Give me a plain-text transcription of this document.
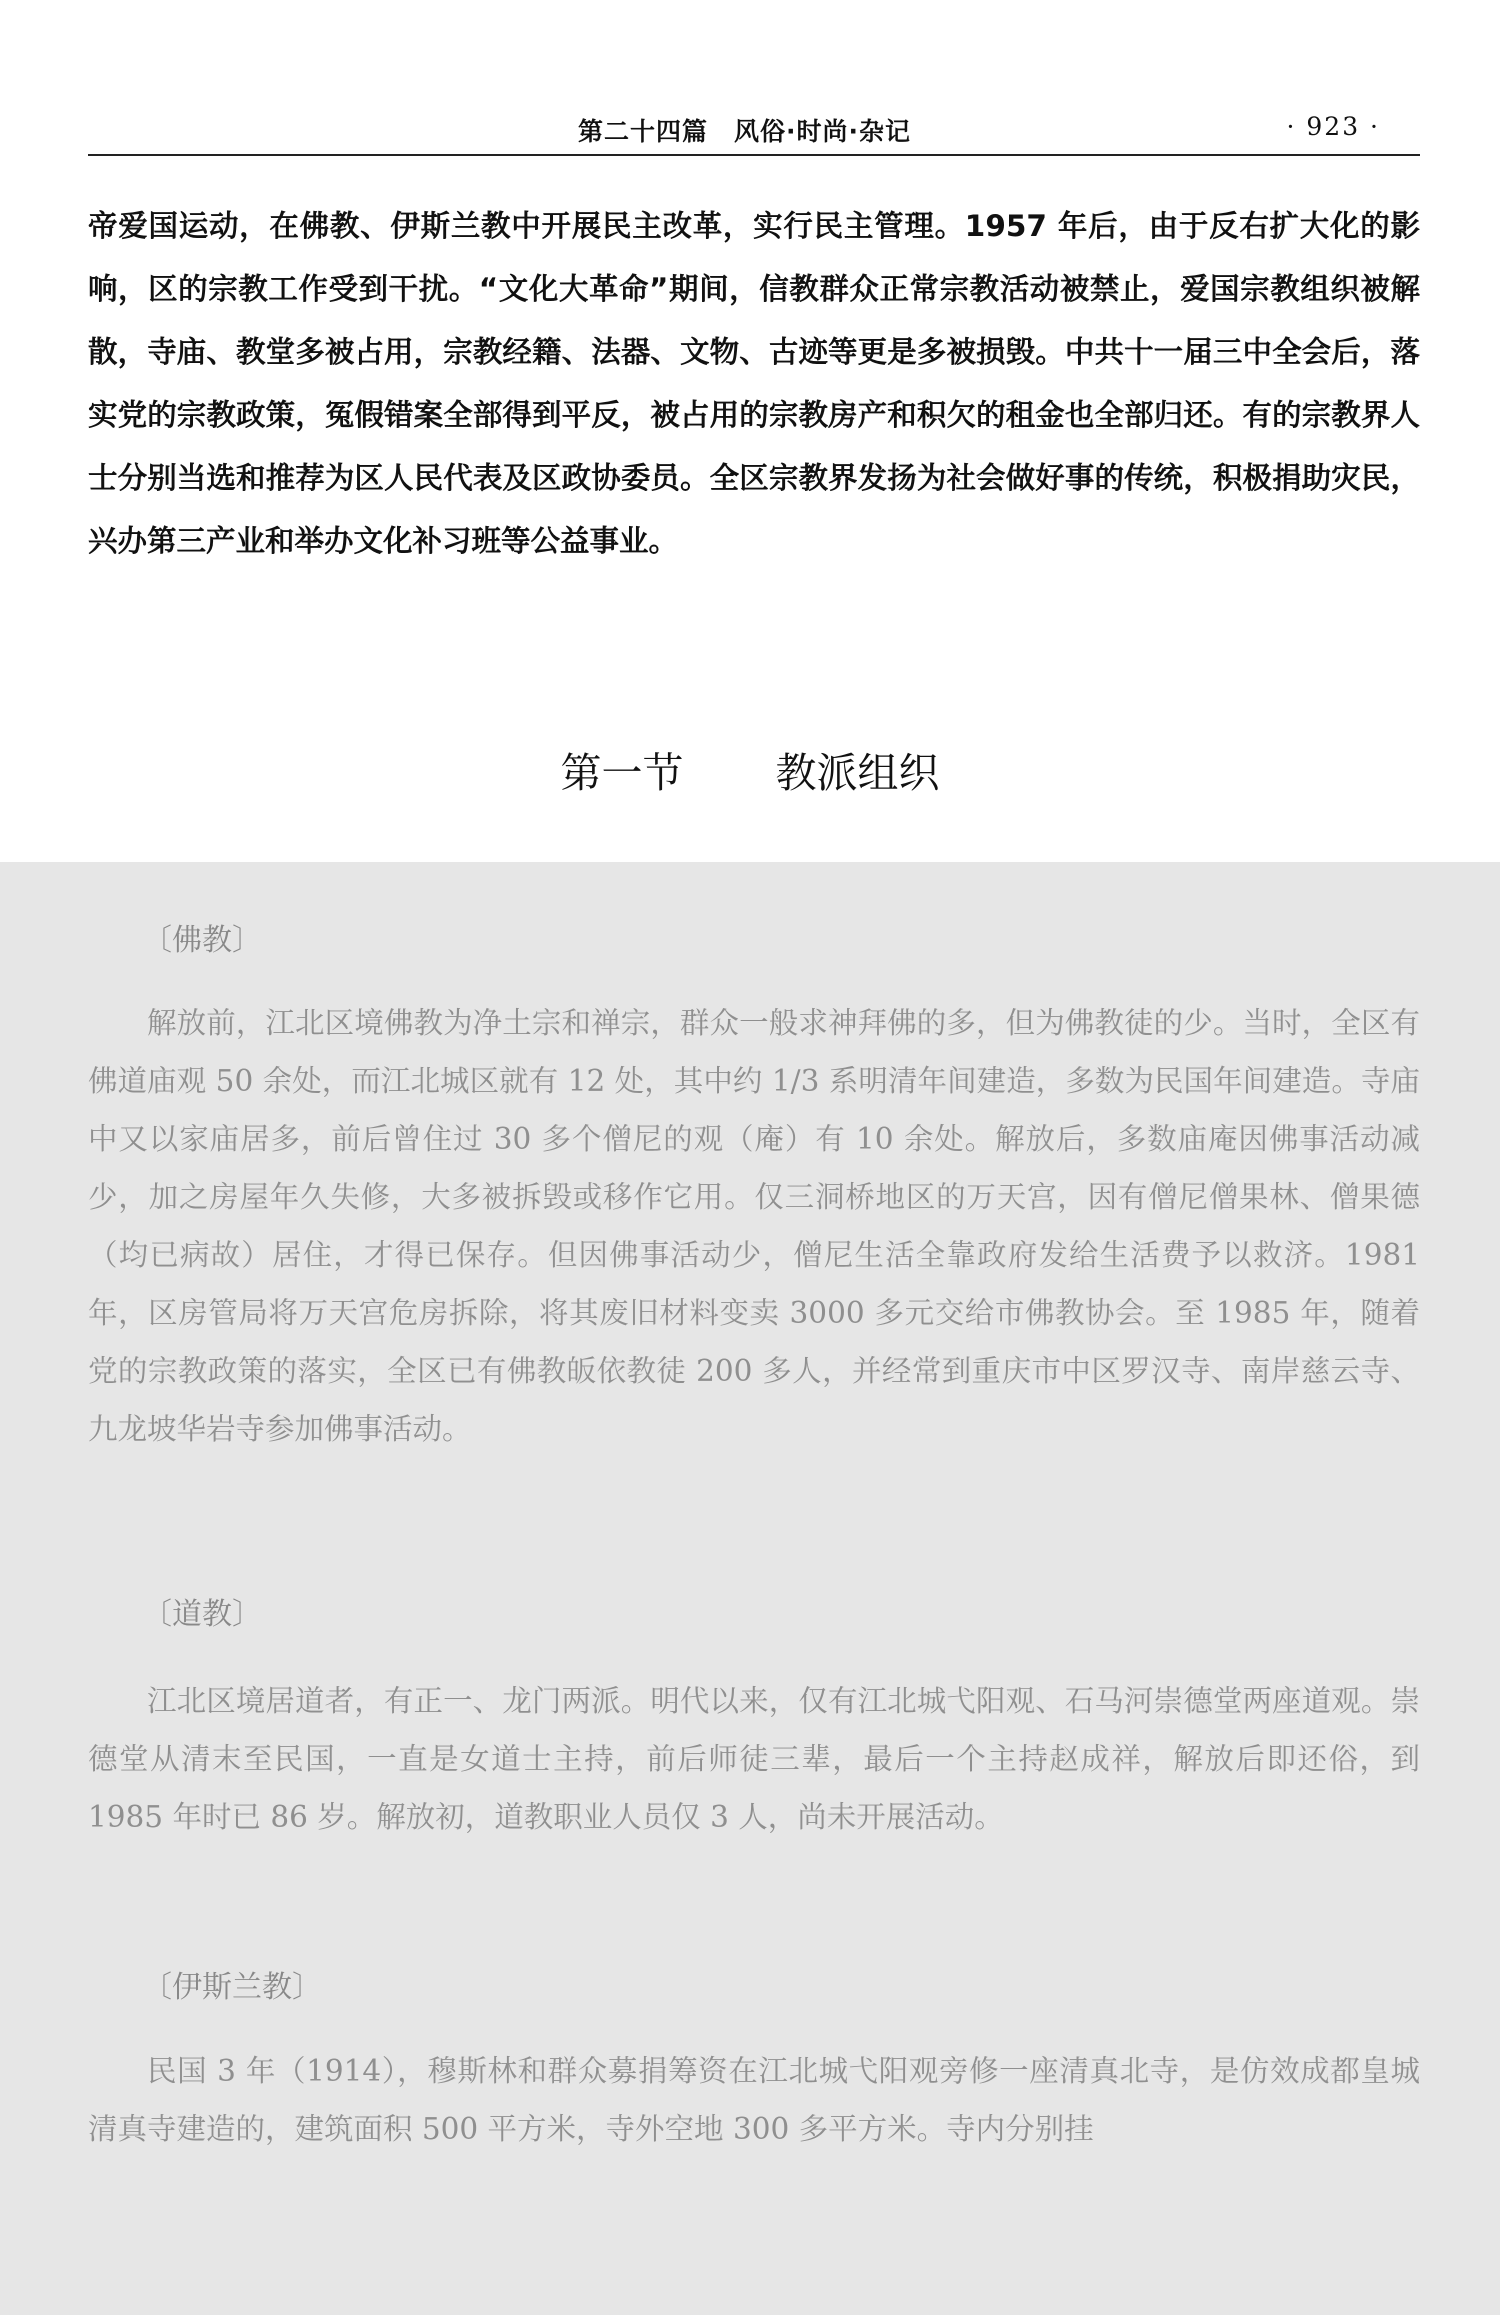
第二十四篇　风俗·时尚·杂记	· 923 ·
帝爱国运动，在佛教、伊斯兰教中开展民主改革，实行民主管理。1957 年后，由于反右扩大化的影响，区的宗教工作受到干扰。“文化大革命”期间，信教群众正常宗教活动被禁止，爱国宗教组织被解散，寺庙、教堂多被占用，宗教经籍、法器、文物、古迹等更是多被损毁。中共十一届三中全会后，落实党的宗教政策，冤假错案全部得到平反，被占用的宗教房产和积欠的租金也全部归还。有的宗教界人士分别当选和推荐为区人民代表及区政协委员。全区宗教界发扬为社会做好事的传统，积极捐助灾民，兴办第三产业和举办文化补习班等公益事业。
第一节 教派组织
〔佛教〕
解放前，江北区境佛教为净土宗和禅宗，群众一般求神拜佛的多，但为佛教徒的少。当时，全区有佛道庙观 50 余处，而江北城区就有 12 处，其中约 1/3 系明清年间建造，多数为民国年间建造。寺庙中又以家庙居多，前后曾住过 30 多个僧尼的观（庵）有 10 余处。解放后，多数庙庵因佛事活动减少，加之房屋年久失修，大多被拆毁或移作它用。仅三洞桥地区的万天宫，因有僧尼僧果林、僧果德（均已病故）居住，才得已保存。但因佛事活动少，僧尼生活全靠政府发给生活费予以救济。1981 年，区房管局将万天宫危房拆除，将其废旧材料变卖 3000 多元交给市佛教协会。至 1985 年，随着党的宗教政策的落实，全区已有佛教皈依教徒 200 多人，并经常到重庆市中区罗汉寺、南岸慈云寺、九龙坡华岩寺参加佛事活动。
〔道教〕
江北区境居道者，有正一、龙门两派。明代以来，仅有江北城弋阳观、石马河崇德堂两座道观。崇德堂从清末至民国，一直是女道士主持，前后师徒三辈，最后一个主持赵成祥，解放后即还俗，到 1985 年时已 86 岁。解放初，道教职业人员仅 3 人，尚未开展活动。
〔伊斯兰教〕
民国 3 年（1914），穆斯林和群众募捐筹资在江北城弋阳观旁修一座清真北寺，是仿效成都皇城清真寺建造的，建筑面积 500 平方米，寺外空地 300 多平方米。寺内分别挂
